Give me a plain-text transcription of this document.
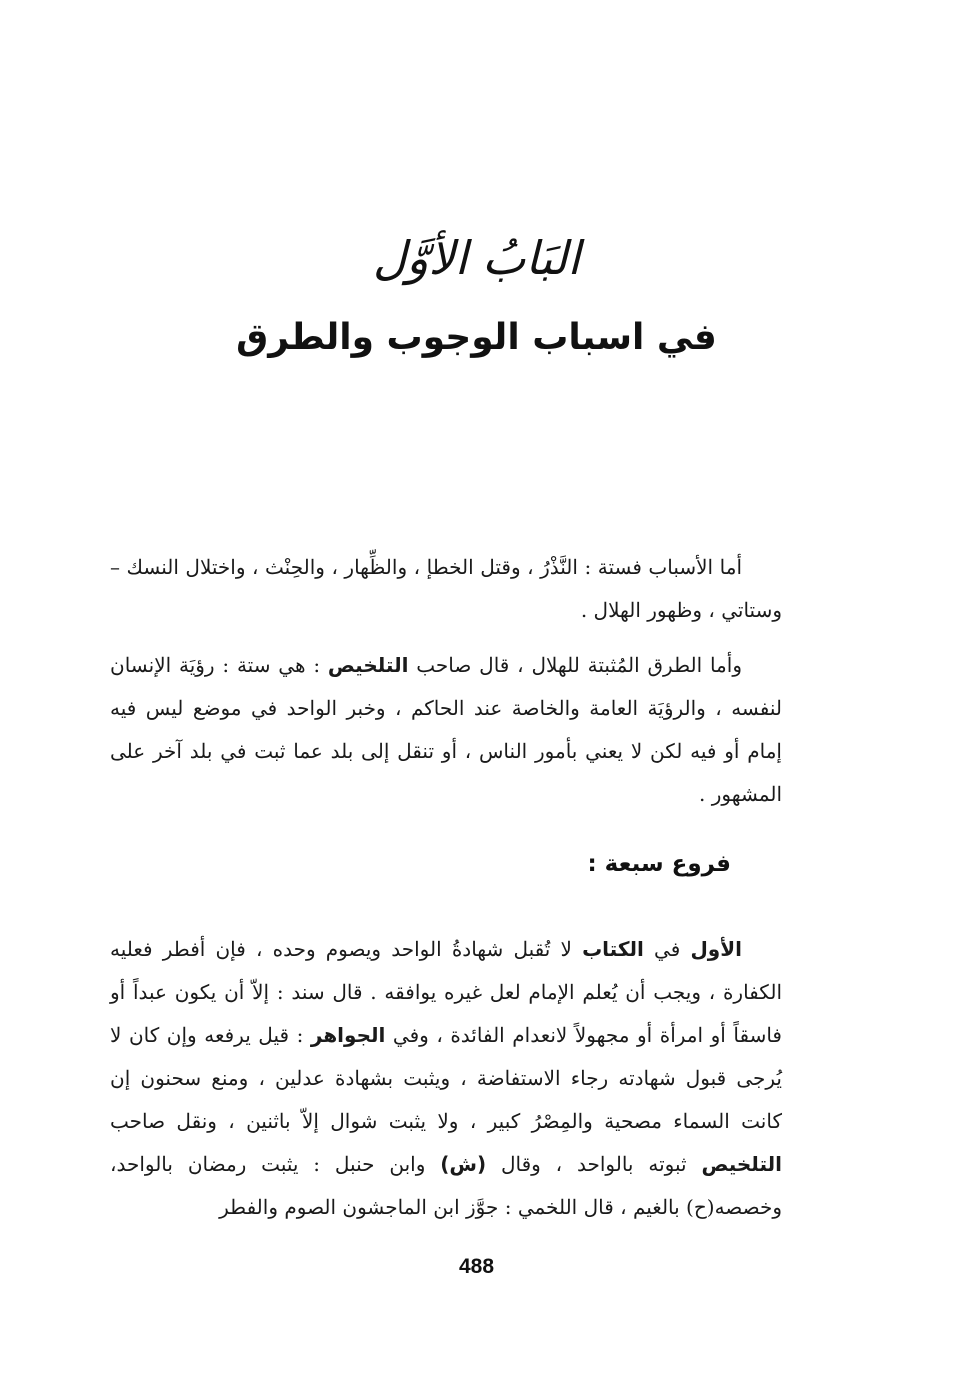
البَابُ الأوَّل
في اسباب الوجوب والطرق

أما الأسباب فستة : النَّذْرُ ، وقتل الخطإ ، والظِّهار ، والحِنْث ، واختلال النسك – وستاتي ، وظهور الهلال .

وأما الطرق المُثبتة للهلال ، قال صاحب التلخيص : هي ستة : رؤيَة الإنسان لنفسه ، والرؤيَة العامة والخاصة عند الحاكم ، وخبر الواحد في موضع ليس فيه إمام أو فيه لكن لا يعني بأمور الناس ، أو تنقل إلى بلد عما ثبت في بلد آخر على المشهور .

فروع سبعة :

الأول في الكتاب لا تُقبل شهادةُ الواحد ويصوم وحده ، فإن أفطر فعليه الكفارة ، ويجب أن يُعلم الإمام لعل غيره يوافقه . قال سند : إلاّ أن يكون عبداً أو فاسقاً أو امرأة أو مجهولاً لانعدام الفائدة ، وفي الجواهر : قيل يرفعه وإن كان لا يُرجى قبول شهادته رجاء الاستفاضة ، ويثبت بشهادة عدلين ، ومنع سحنون إن كانت السماء مصحية والمِصْرُ كبير ، ولا يثبت شوال إلاّ باثنين ، ونقل صاحب التلخيص ثبوته بالواحد ، وقال (ش) وابن حنبل : يثبت رمضان بالواحد، وخصصه(ح) بالغيم ، قال اللخمي : جوَّز ابن الماجشون الصوم والفطر

488
